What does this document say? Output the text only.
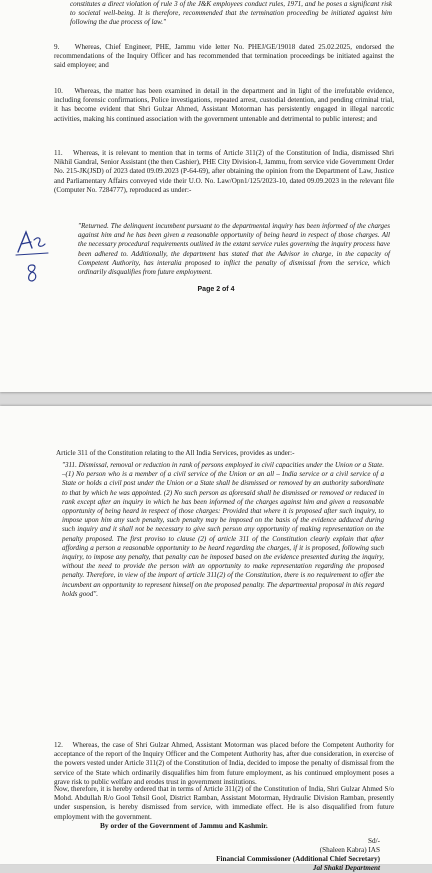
constitutes a direct violation of rule 3 of the J&K employees conduct rules, 1971, and he poses a significant risk to societal well-being. It is therefore, recommended that the termination proceeding be initiated against him following the due process of law."

9.    Whereas, Chief Engineer, PHE, Jammu vide letter No. PHEJ/GE/19018 dated 25.02.2025, endorsed the recommendations of the Inquiry Officer and has recommended that termination proceedings be initiated against the said employee; and

10.    Whereas, the matter has been examined in detail in the department and in light of the irrefutable evidence, including forensic confirmations, Police investigations, repeated arrest, custodial detention, and pending criminal trial, it has become evident that Shri Gulzar Ahmed, Assistant Motorman has persistently engaged in illegal narcotic activities, making his continued association with the government untenable and detrimental to public interest; and

11.    Whereas, it is relevant to mention that in terms of Article 311(2) of the Constitution of India, dismissed Shri Nikhil Gandral, Senior Assistant (the then Cashier), PHE City Division-I, Jammu, from service vide Government Order No. 215-JK(JSD) of 2023 dated 09.09.2023 (P-64-69), after obtaining the opinion from the Department of Law, Justice and Parliamentary Affairs conveyed vide their U.O. No. Law/Opn1/125/2023-10, dated 09.09.2023 in the relevant file (Computer No. 7284777), reproduced as under:-

"Returned. The delinquent incumbent pursuant to the departmental inquiry has been informed of the charges against him and he has been given a reasonable opportunity of being heard in respect of those charges. All the necessary procedural requirements outlined in the extant service rules governing the inquiry process have been adhered to. Additionally, the department has stated that the Advisor in charge, in the capacity of Competent Authority, has interalia proposed to inflict the penalty of dismissal from the service, which ordinarily disqualifies from future employment.

Page 2 of 4

Article 311 of the Constitution relating to the All India Services, provides as under:-

"311. Dismissal, removal or reduction in rank of persons employed in civil capacities under the Union or a State. –(1) No person who is a member of a civil service of the Union or an all – India service or a civil service of a State or holds a civil post under the Union or a State shall be dismissed or removed by an authority subordinate to that by which he was appointed. (2) No such person as aforesaid shall be dismissed or removed or reduced in rank except after an inquiry in which he has been informed of the charges against him and given a reasonable opportunity of being heard in respect of those charges: Provided that where it is proposed after such inquiry, to impose upon him any such penalty, such penalty may be imposed on the basis of the evidence adduced during such inquiry and it shall not be necessary to give such person any opportunity of making representation on the penalty proposed. The first proviso to clause (2) of article 311 of the Constitution clearly explain that after affording a person a reasonable opportunity to be heard regarding the charges, if it is proposed, following such inquiry, to impose any penalty, that penalty can be imposed based on the evidence presented during the inquiry, without the need to provide the person with an opportunity to make representation regarding the proposed penalty. Therefore, in view of the import of article 311(2) of the Constitution, there is no requirement to offer the incumbent an opportunity to represent himself on the proposed penalty. The departmental proposal in this regard holds good".

12.    Whereas, the case of Shri Gulzar Ahmed, Assistant Motorman was placed before the Competent Authority for acceptance of the report of the Inquiry Officer and the Competent Authority has, after due consideration, in exercise of the powers vested under Article 311(2) of the Constitution of India, decided to impose the penalty of dismissal from the service of the State which ordinarily disqualifies him from future employment, as his continued employment poses a grave risk to public welfare and erodes trust in government institutions.

Now, therefore, it is hereby ordered that in terms of Article 311(2) of the Constitution of India, Shri Gulzar Ahmed S/o Mohd. Abdullah R/o Gool Tehsil Gool, District Ramban, Assistant Motorman, Hydraulic Division Ramban, presently under suspension, is hereby dismissed from service, with immediate effect. He is also disqualified from future employment with the government.

By order of the Government of Jammu and Kashmir.

Sd/-
(Shaleen Kabra) IAS
Financial Commissioner (Additional Chief Secretary)
Jal Shakti Department
